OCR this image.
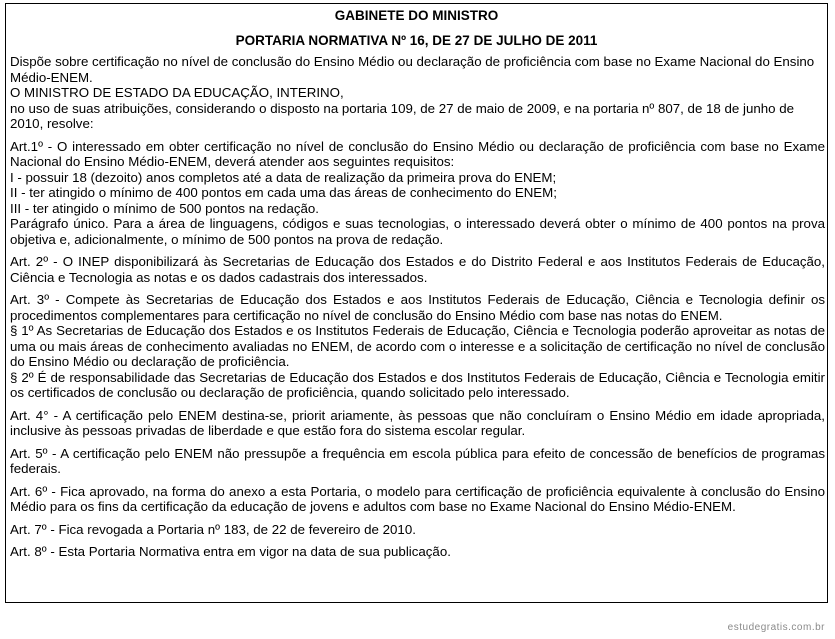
GABINETE DO MINISTRO
PORTARIA NORMATIVA Nº 16, DE 27 DE JULHO DE 2011

Dispõe sobre certificação no nível de conclusão do Ensino Médio ou declaração de proficiência com base no Exame Nacional do Ensino Médio-ENEM.

O MINISTRO DE ESTADO DA EDUCAÇÃO, INTERINO,

no uso de suas atribuições, considerando o disposto na portaria 109, de 27 de maio de 2009, e na portaria nº 807, de 18 de junho de 2010, resolve:

Art.1º - O interessado em obter certificação no nível de conclusão do Ensino Médio ou declaração de proficiência com base no Exame Nacional do Ensino Médio-ENEM, deverá atender aos seguintes requisitos:

I - possuir 18 (dezoito) anos completos até a data de realização da primeira prova do ENEM;

II - ter atingido o mínimo de 400 pontos em cada uma das áreas de conhecimento do ENEM;

III - ter atingido o mínimo de 500 pontos na redação.

Parágrafo único. Para a área de linguagens, códigos e suas tecnologias, o interessado deverá obter o mínimo de 400 pontos na prova objetiva e, adicionalmente, o mínimo de 500 pontos na prova de redação.

Art. 2º - O INEP disponibilizará às Secretarias de Educação dos Estados e do Distrito Federal e aos Institutos Federais de Educação, Ciência e Tecnologia as notas e os dados cadastrais dos interessados.

Art. 3º - Compete às Secretarias de Educação dos Estados e aos Institutos Federais de Educação, Ciência e Tecnologia definir os procedimentos complementares para certificação no nível de conclusão do Ensino Médio com base nas notas do ENEM.

§ 1º As Secretarias de Educação dos Estados e os Institutos Federais de Educação, Ciência e Tecnologia poderão aproveitar as notas de uma ou mais áreas de conhecimento avaliadas no ENEM, de acordo com o interesse e a solicitação de certificação no nível de conclusão do Ensino Médio ou declaração de proficiência.

§ 2º É de responsabilidade das Secretarias de Educação dos Estados e dos Institutos Federais de Educação, Ciência e Tecnologia emitir os certificados de conclusão ou declaração de proficiência, quando solicitado pelo interessado.

Art. 4° - A certificação pelo ENEM destina-se, priorit ariamente, às pessoas que não concluíram o Ensino Médio em idade apropriada, inclusive às pessoas privadas de liberdade e que estão fora do sistema escolar regular.

Art. 5º - A certificação pelo ENEM não pressupõe a frequência em escola pública para efeito de concessão de benefícios de programas federais.

Art. 6º - Fica aprovado, na forma do anexo a esta Portaria, o modelo para certificação de proficiência equivalente à conclusão do Ensino Médio para os fins da certificação da educação de jovens e adultos com base no Exame Nacional do Ensino Médio-ENEM.

Art. 7º - Fica revogada a Portaria nº 183, de 22 de fevereiro de 2010.

Art. 8º - Esta Portaria Normativa entra em vigor na data de sua publicação.

estudegratis.com.br
